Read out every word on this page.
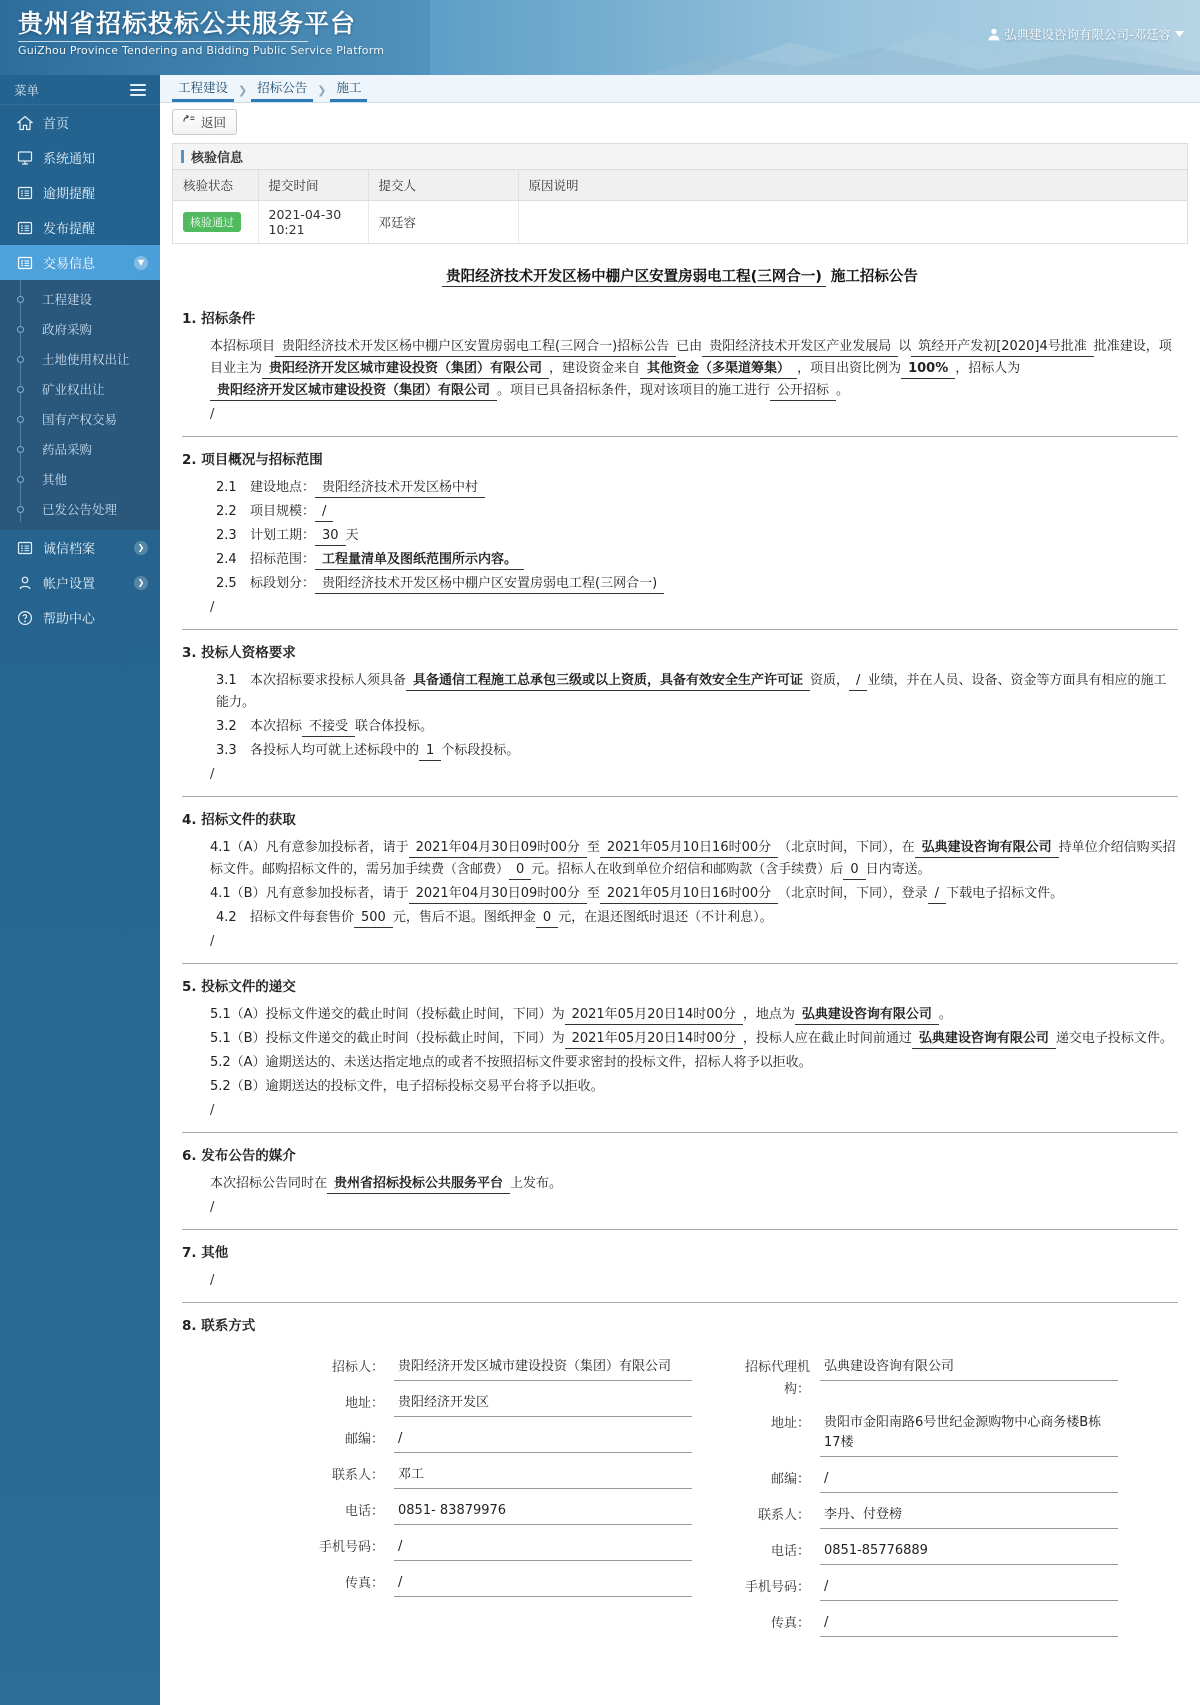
贵州省招标投标公共服务平台
GuiZhou Province Tendering and Bidding Public Service Platform
弘典建设咨询有限公司-邓廷容
菜单
首页
系统通知
逾期提醒
发布提醒
交易信息	▼
工程建设
政府采购
土地使用权出让
矿业权出让
国有产权交易
药品采购
其他
已发公告处理
诚信档案	❯
帐户设置	❯
帮助中心
工程建设 ❯ 招标公告 ❯ 施工
返回
核验信息
核验状态	提交时间	提交人	原因说明
核验通过	2021-04-30 10:21	邓廷容	
贵阳经济技术开发区杨中棚户区安置房弱电工程(三网合一) 施工招标公告
1. 招标条件
本招标项目 贵阳经济技术开发区杨中棚户区安置房弱电工程(三网合一)招标公告 已由 贵阳经济技术开发区产业发展局 以 筑经开产发初[2020]4号批准 批准建设，项目业主为 贵阳经济开发区城市建设投资（集团）有限公司 ，建设资金来自 其他资金（多渠道筹集） ，项目出资比例为 100% ，招标人为贵阳经济开发区城市建设投资（集团）有限公司 。项目已具备招标条件，现对该项目的施工进行 公开招标 。
/
2. 项目概况与招标范围
2.1 建设地点： 贵阳经济技术开发区杨中村
2.2 项目规模： /
2.3 计划工期： 30 天
2.4 招标范围： 工程量清单及图纸范围所示内容。
2.5 标段划分： 贵阳经济技术开发区杨中棚户区安置房弱电工程(三网合一)
/
3. 投标人资格要求
3.1 本次招标要求投标人须具备 具备通信工程施工总承包三级或以上资质，具备有效安全生产许可证 资质， / 业绩，并在人员、设备、资金等方面具有相应的施工能力。
3.2 本次招标 不接受 联合体投标。
3.3 各投标人均可就上述标段中的 1 个标段投标。
/
4. 招标文件的获取
4.1（A）凡有意参加投标者，请于 2021年04月30日09时00分 至 2021年05月10日16时00分 （北京时间，下同），在 弘典建设咨询有限公司 持单位介绍信购买招标文件。邮购招标文件的，需另加手续费（含邮费） 0 元。招标人在收到单位介绍信和邮购款（含手续费）后 0 日内寄送。
4.1（B）凡有意参加投标者，请于 2021年04月30日09时00分 至 2021年05月10日16时00分 （北京时间，下同），登录 / 下载电子招标文件。
4.2 招标文件每套售价 500 元，售后不退。图纸押金 0 元，在退还图纸时退还（不计利息）。
/
5. 投标文件的递交
5.1（A）投标文件递交的截止时间（投标截止时间，下同）为 2021年05月20日14时00分 ，地点为 弘典建设咨询有限公司 。
5.1（B）投标文件递交的截止时间（投标截止时间，下同）为 2021年05月20日14时00分 ，投标人应在截止时间前通过 弘典建设咨询有限公司 递交电子投标文件。
5.2（A）逾期送达的、未送达指定地点的或者不按照招标文件要求密封的投标文件，招标人将予以拒收。
5.2（B）逾期送达的投标文件，电子招标投标交易平台将予以拒收。
/
6. 发布公告的媒介
本次招标公告同时在 贵州省招标投标公共服务平台 上发布。
/
7. 其他
/
8. 联系方式
招标人：	贵阳经济开发区城市建设投资（集团）有限公司
地址：	贵阳经济开发区
邮编：	/
联系人：	邓工
电话：	0851- 83879976
手机号码：	/
传真：	/
招标代理机构：
弘典建设咨询有限公司
地址：	贵阳市金阳南路6号世纪金源购物中心商务楼B栋17楼
邮编：	/
联系人：	李丹、付登榜
电话：	0851-85776889
手机号码：	/
传真：	/
